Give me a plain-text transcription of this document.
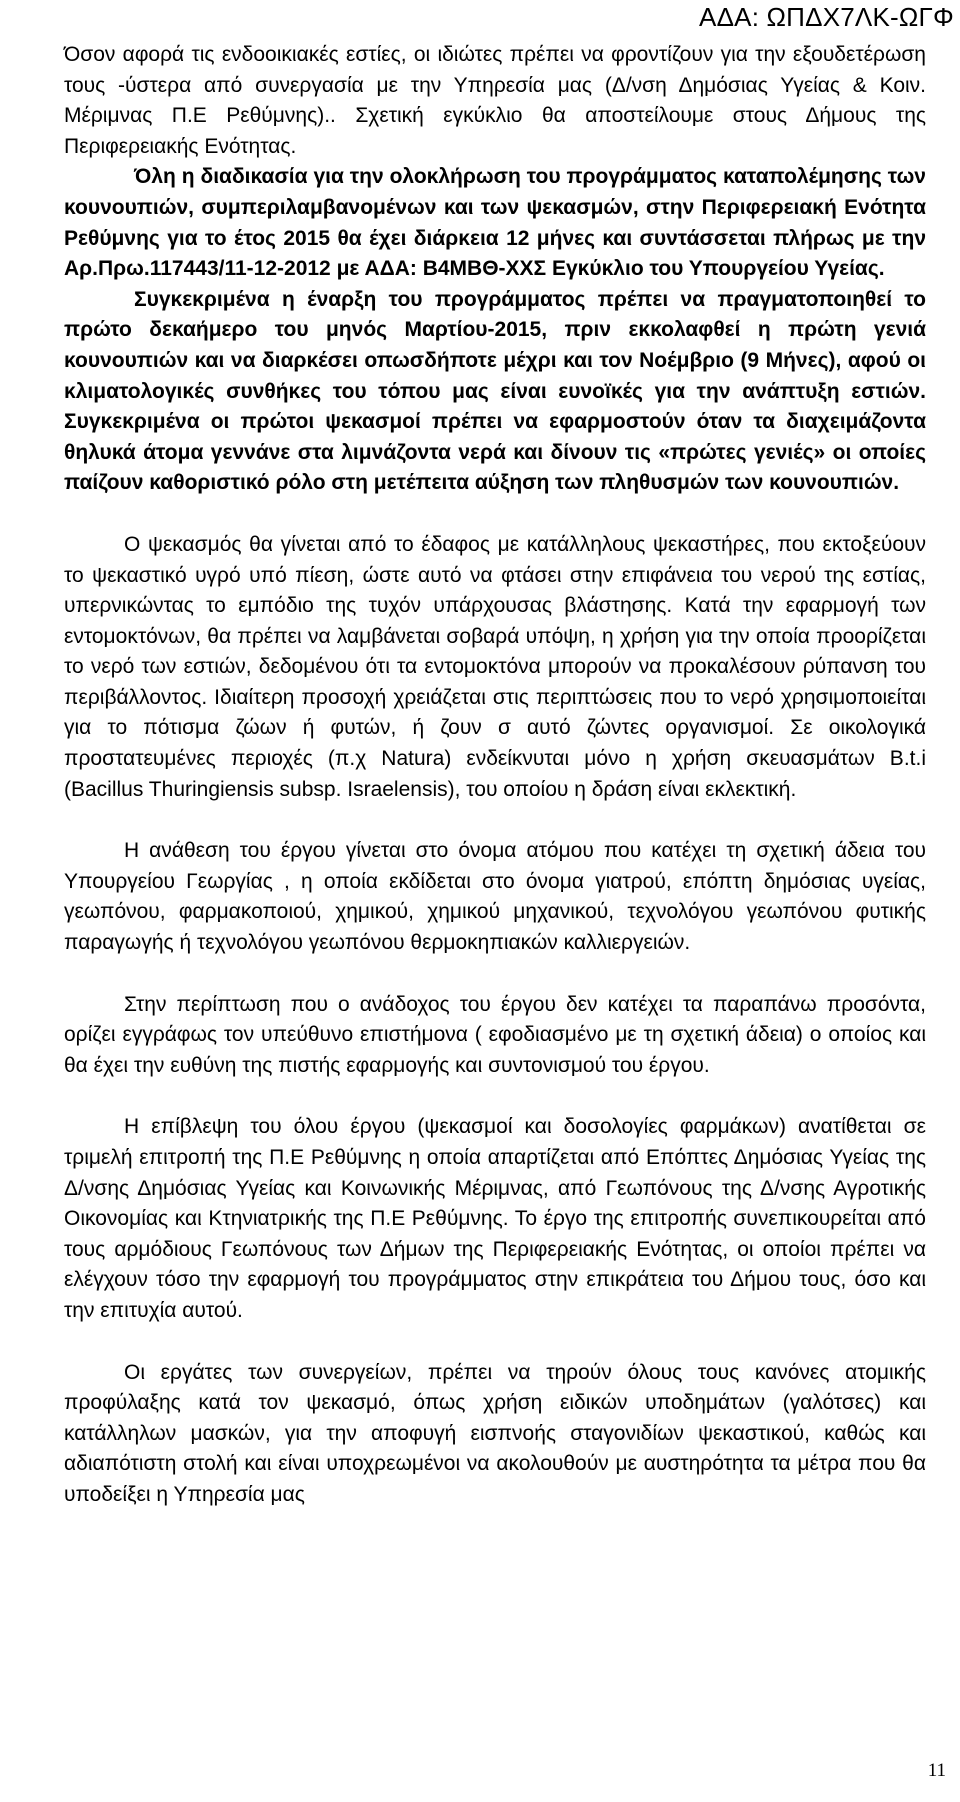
ΑΔΑ: ΩΠΔΧ7ΛΚ-ΩΓΦ

Όσον αφορά τις ενδοοικιακές εστίες, οι ιδιώτες πρέπει να φροντίζουν για την εξουδετέρωση τους -ύστερα από συνεργασία με την Υπηρεσία μας (Δ/νση Δημόσιας Υγείας & Κοιν. Μέριμνας Π.Ε Ρεθύμνης).. Σχετική εγκύκλιο θα αποστείλουμε στους Δήμους της Περιφερειακής Ενότητας.

Όλη η διαδικασία για την ολοκλήρωση του προγράμματος καταπολέμησης των κουνουπιών, συμπεριλαμβανομένων και των ψεκασμών, στην Περιφερειακή Ενότητα Ρεθύμνης για το έτος 2015 θα έχει διάρκεια 12 μήνες και συντάσσεται πλήρως με την Αρ.Πρω.117443/11-12-2012 με ΑΔΑ: Β4ΜΒΘ-ΧΧΣ Εγκύκλιο του Υπουργείου Υγείας.

Συγκεκριμένα η έναρξη του προγράμματος πρέπει να πραγματοποιηθεί το πρώτο δεκαήμερο του μηνός Μαρτίου-2015, πριν εκκολαφθεί η πρώτη γενιά κουνουπιών και να διαρκέσει οπωσδήποτε μέχρι και τον Νοέμβριο (9 Μήνες), αφού οι κλιματολογικές συνθήκες του τόπου μας είναι ευνοϊκές για την ανάπτυξη εστιών. Συγκεκριμένα οι πρώτοι ψεκασμοί πρέπει να εφαρμοστούν όταν τα διαχειμάζοντα θηλυκά άτομα γεννάνε στα λιμνάζοντα νερά και δίνουν τις «πρώτες γενιές» οι οποίες παίζουν καθοριστικό ρόλο στη μετέπειτα αύξηση των πληθυσμών των κουνουπιών.

Ο ψεκασμός θα γίνεται από το έδαφος με κατάλληλους ψεκαστήρες, που εκτοξεύουν το ψεκαστικό υγρό υπό πίεση, ώστε αυτό να φτάσει στην επιφάνεια του νερού της εστίας, υπερνικώντας το εμπόδιο της τυχόν υπάρχουσας βλάστησης. Κατά την εφαρμογή των εντομοκτόνων, θα πρέπει να λαμβάνεται σοβαρά υπόψη, η χρήση για την οποία προορίζεται το νερό των εστιών, δεδομένου ότι τα εντομοκτόνα μπορούν να προκαλέσουν ρύπανση του περιβάλλοντος. Ιδιαίτερη προσοχή χρειάζεται στις περιπτώσεις που το νερό χρησιμοποιείται για το πότισμα ζώων ή φυτών, ή ζουν σ αυτό ζώντες οργανισμοί. Σε οικολογικά προστατευμένες περιοχές (π.χ Natura) ενδείκνυται μόνο η χρήση σκευασμάτων B.t.i (Bacillus Thuringiensis subsp. Israelensis), του οποίου η δράση είναι εκλεκτική.

Η ανάθεση του έργου γίνεται στο όνομα ατόμου που κατέχει τη σχετική άδεια του Υπουργείου Γεωργίας , η οποία εκδίδεται στο όνομα γιατρού, επόπτη δημόσιας υγείας, γεωπόνου, φαρμακοποιού, χημικού, χημικού μηχανικού, τεχνολόγου γεωπόνου φυτικής παραγωγής ή τεχνολόγου γεωπόνου θερμοκηπιακών καλλιεργειών.

Στην περίπτωση που ο ανάδοχος του έργου δεν κατέχει τα παραπάνω προσόντα, ορίζει εγγράφως τον υπεύθυνο επιστήμονα ( εφοδιασμένο με τη σχετική άδεια) ο οποίος και θα έχει την ευθύνη της πιστής εφαρμογής και συντονισμού του έργου.

Η επίβλεψη του όλου έργου (ψεκασμοί και δοσολογίες φαρμάκων) ανατίθεται σε τριμελή επιτροπή της Π.Ε Ρεθύμνης η οποία απαρτίζεται από Επόπτες Δημόσιας Υγείας της Δ/νσης Δημόσιας Υγείας και Κοινωνικής Μέριμνας, από Γεωπόνους της Δ/νσης Αγροτικής Οικονομίας και Κτηνιατρικής της Π.Ε Ρεθύμνης. Το έργο της επιτροπής συνεπικουρείται από τους αρμόδιους Γεωπόνους των Δήμων της Περιφερειακής Ενότητας, οι οποίοι πρέπει να ελέγχουν τόσο την εφαρμογή του προγράμματος στην επικράτεια του Δήμου τους, όσο και την επιτυχία αυτού.

Οι εργάτες των συνεργείων, πρέπει να τηρούν όλους τους κανόνες ατομικής προφύλαξης κατά τον ψεκασμό, όπως χρήση ειδικών υποδημάτων (γαλότσες) και κατάλληλων μασκών, για την αποφυγή εισπνοής σταγονιδίων ψεκαστικού, καθώς και αδιαπότιστη στολή και είναι υποχρεωμένοι να ακολουθούν με αυστηρότητα τα μέτρα που θα υποδείξει η Υπηρεσία μας

11
